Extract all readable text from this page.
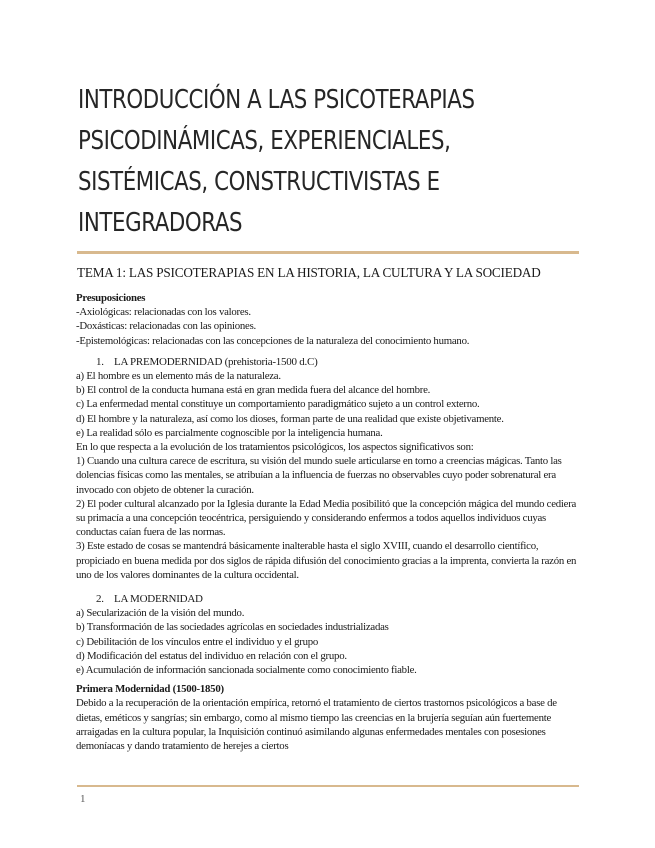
INTRODUCCIÓN A LAS PSICOTERAPIAS
PSICODINÁMICAS, EXPERIENCIALES,
SISTÉMICAS, CONSTRUCTIVISTAS E
INTEGRADORAS
TEMA 1: LAS PSICOTERAPIAS EN LA HISTORIA, LA CULTURA Y LA SOCIEDAD

Presuposiciones

-Axiológicas: relacionadas con los valores.

-Doxásticas: relacionadas con las opiniones.

-Epistemológicas: relacionadas con las concepciones de la naturaleza del conocimiento humano.

1. LA PREMODERNIDAD (prehistoria-1500 d.C)

a) El hombre es un elemento más de la naturaleza.

b) El control de la conducta humana está en gran medida fuera del alcance del hombre.

c) La enfermedad mental constituye un comportamiento paradigmático sujeto a un control externo.

d) El hombre y la naturaleza, así como los dioses, forman parte de una realidad que existe objetivamente.

e) La realidad sólo es parcialmente cognoscible por la inteligencia humana.

En lo que respecta a la evolución de los tratamientos psicológicos, los aspectos significativos son:

1) Cuando una cultura carece de escritura, su visión del mundo suele articularse en torno a creencias mágicas. Tanto las dolencias físicas como las mentales, se atribuían a la influencia de fuerzas no observables cuyo poder sobrenatural era invocado con objeto de obtener la curación.

2) El poder cultural alcanzado por la Iglesia durante la Edad Media posibilitó que la concepción mágica del mundo cediera su primacía a una concepción teocéntrica, persiguiendo y considerando enfermos a todos aquellos individuos cuyas conductas caían fuera de las normas.

3) Este estado de cosas se mantendrá básicamente inalterable hasta el siglo XVIII, cuando el desarrollo científico, propiciado en buena medida por dos siglos de rápida difusión del conocimiento gracias a la imprenta, convierta la razón en uno de los valores dominantes de la cultura occidental.

2. LA MODERNIDAD

a) Secularización de la visión del mundo.

b) Transformación de las sociedades agrícolas en sociedades industrializadas

c) Debilitación de los vínculos entre el individuo y el grupo

d) Modificación del estatus del individuo en relación con el grupo.

e) Acumulación de información sancionada socialmente como conocimiento fiable.

Primera Modernidad (1500-1850)

Debido a la recuperación de la orientación empírica, retornó el tratamiento de ciertos trastornos psicológicos a base de dietas, eméticos y sangrías; sin embargo, como al mismo tiempo las creencias en la brujería seguían aún fuertemente arraigadas en la cultura popular, la Inquisición continuó asimilando algunas enfermedades mentales con posesiones demoníacas y dando tratamiento de herejes a ciertos

1
